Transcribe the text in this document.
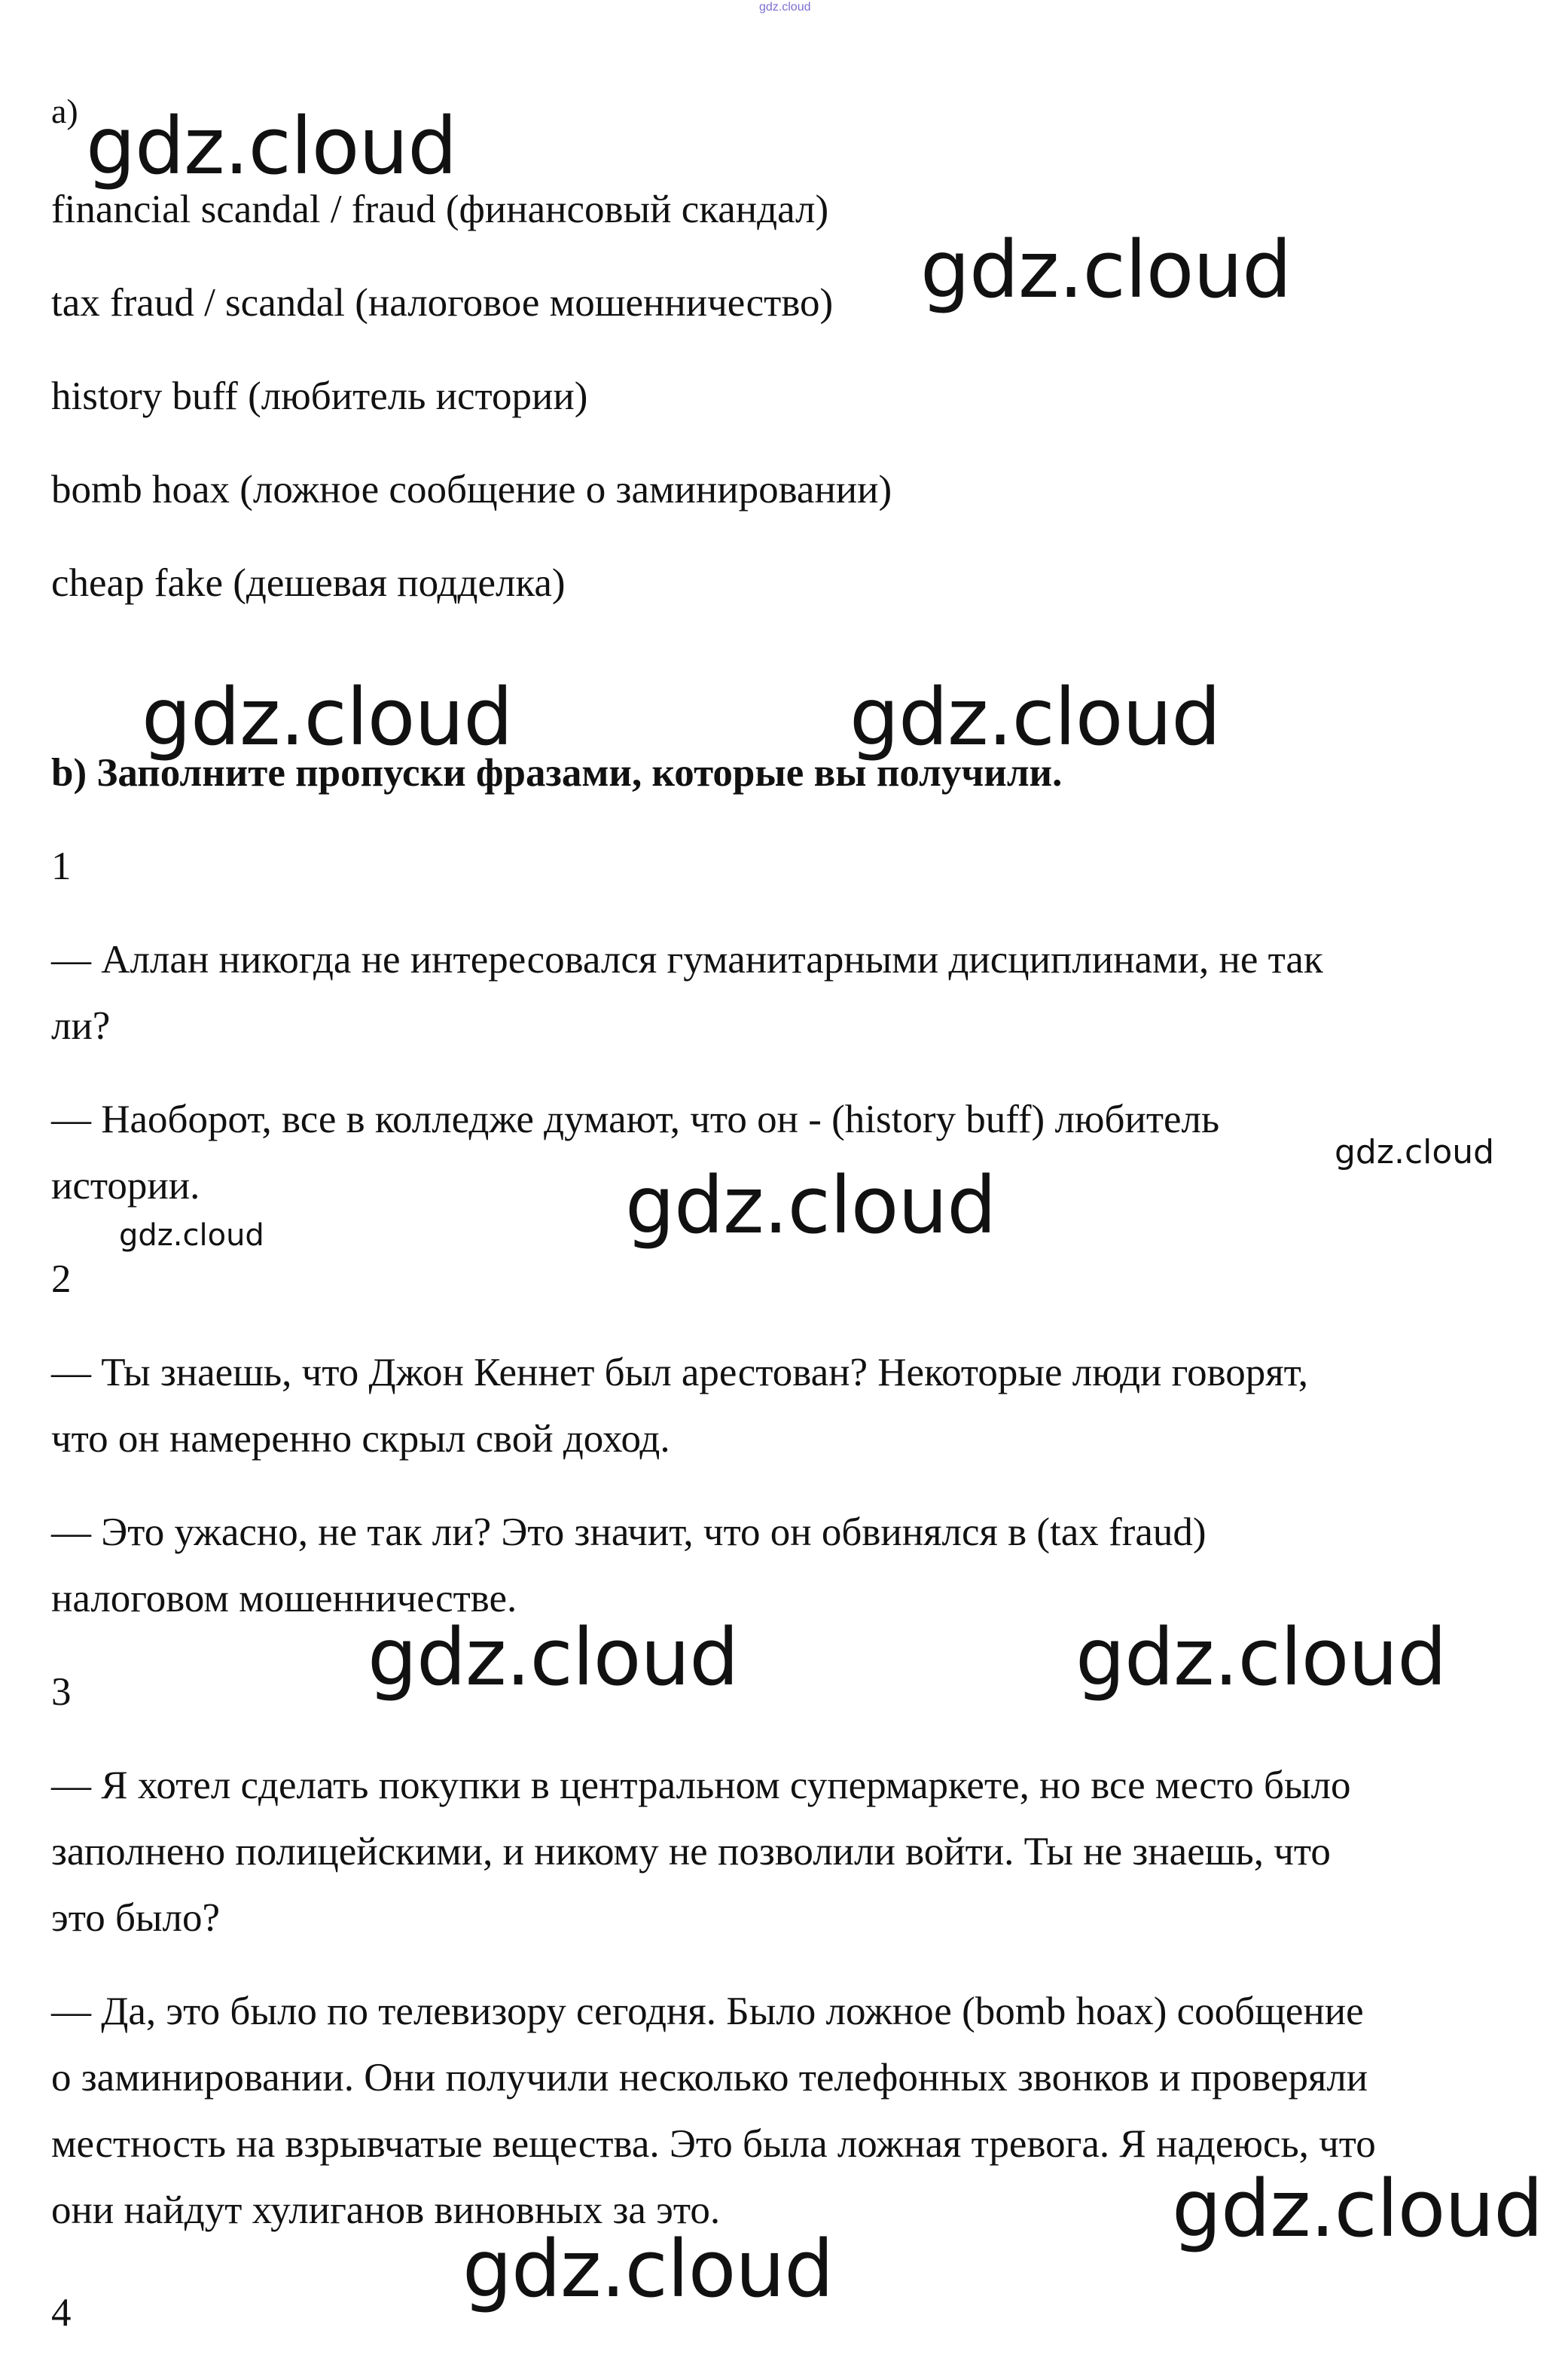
gdz.cloud
a)

financial scandal / fraud (финансовый скандал)

tax fraud / scandal (налоговое мошенничество)

history buff (любитель истории)

bomb hoax (ложное сообщение о заминировании)

cheap fake (дешевая подделка)

b) Заполните пропуски фразами, которые вы получили.

1

— Аллан никогда не интересовался гуманитарными дисциплинами, не так

ли?

— Наоборот, все в колледже думают, что он - (history buff) любитель

истории.

2

— Ты знаешь, что Джон Кеннет был арестован? Некоторые люди говорят,

что он намеренно скрыл свой доход.

— Это ужасно, не так ли? Это значит, что он обвинялся в (tax fraud)

налоговом мошенничестве.

3

— Я хотел сделать покупки в центральном супермаркете, но все место было

заполнено полицейскими, и никому не позволили войти. Ты не знаешь, что

это было?

— Да, это было по телевизору сегодня. Было ложное (bomb hoax) сообщение

о заминировании. Они получили несколько телефонных звонков и проверяли

местность на взрывчатые вещества. Это была ложная тревога. Я надеюсь, что

они найдут хулиганов виновных за это.

4

gdz.cloud
gdz.cloud
gdz.cloud	gdz.cloud
gdz.cloud
gdz.cloud
gdz.cloud
gdz.cloud	gdz.cloud
gdz.cloud
gdz.cloud
